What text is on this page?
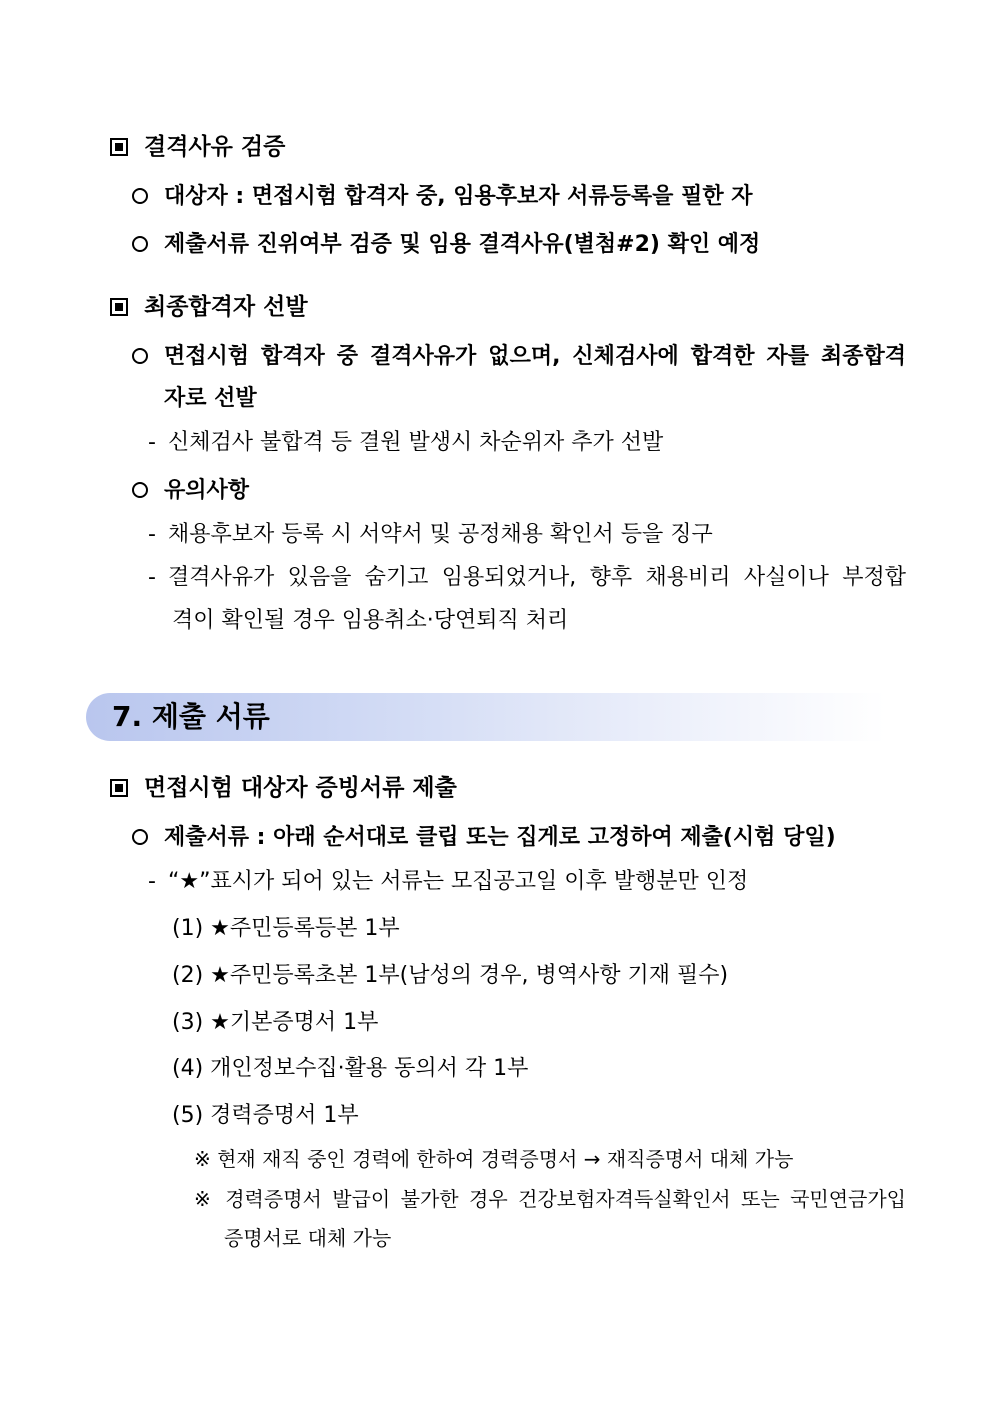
결격사유 검증
대상자 : 면접시험 합격자 중, 임용후보자 서류등록을 필한 자
제출서류 진위여부 검증 및 임용 결격사유(별첨#2) 확인 예정
최종합격자 선발
면접시험 합격자 중 결격사유가 없으며, 신체검사에 합격한 자를 최종합격
자로 선발
- 신체검사 불합격 등 결원 발생시 차순위자 추가 선발
유의사항
- 채용후보자 등록 시 서약서 및 공정채용 확인서 등을 징구
- 결격사유가 있음을 숨기고 임용되었거나, 향후 채용비리 사실이나 부정합
격이 확인될 경우 임용취소·당연퇴직 처리
7. 제출 서류
면접시험 대상자 증빙서류 제출
제출서류 : 아래 순서대로 클립 또는 집게로 고정하여 제출(시험 당일)
- “★”표시가 되어 있는 서류는 모집공고일 이후 발행분만 인정
(1) ★주민등록등본 1부
(2) ★주민등록초본 1부(남성의 경우, 병역사항 기재 필수)
(3) ★기본증명서 1부
(4) 개인정보수집·활용 동의서 각 1부
(5) 경력증명서 1부
※ 현재 재직 중인 경력에 한하여 경력증명서 → 재직증명서 대체 가능
※ 경력증명서 발급이 불가한 경우 건강보험자격득실확인서 또는 국민연금가입
증명서로 대체 가능
